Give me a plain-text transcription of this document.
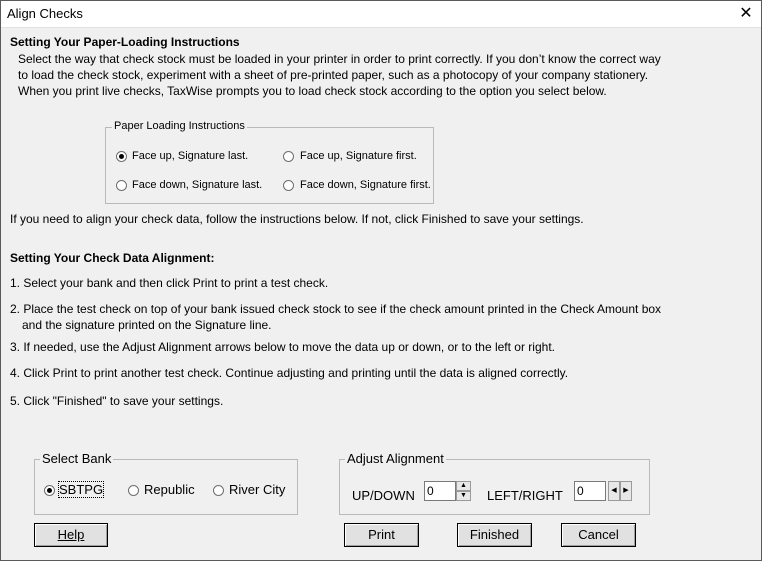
Align Checks	✕
Setting Your Paper-Loading Instructions
Select the way that check stock must be loaded in your printer in order to print correctly. If you don’t know the correct way
to load the check stock, experiment with a sheet of pre-printed paper, such as a photocopy of your company stationery.
When you print live checks, TaxWise prompts you to load check stock according to the option you select below.
Paper Loading Instructions
Face up, Signature last.	Face up, Signature first.
Face down, Signature last.	Face down, Signature first.
If you need to align your check data, follow the instructions below. If not, click Finished to save your settings.
Setting Your Check Data Alignment:
1. Select your bank and then click Print to print a test check.
2. Place the test check on top of your bank issued check stock to see if the check amount printed in the Check Amount box
and the signature printed on the Signature line.
3. If needed, use the Adjust Alignment arrows below to move the data up or down, or to the left or right.
4. Click Print to print another test check. Continue adjusting and printing until the data is aligned correctly.
5. Click "Finished" to save your settings.
Select Bank
SBTPG	Republic	River City
Adjust Alignment
UP/DOWN 0	▲
▼	LEFT/RIGHT 0	◀ ▶
Help	Print	Finished	Cancel
